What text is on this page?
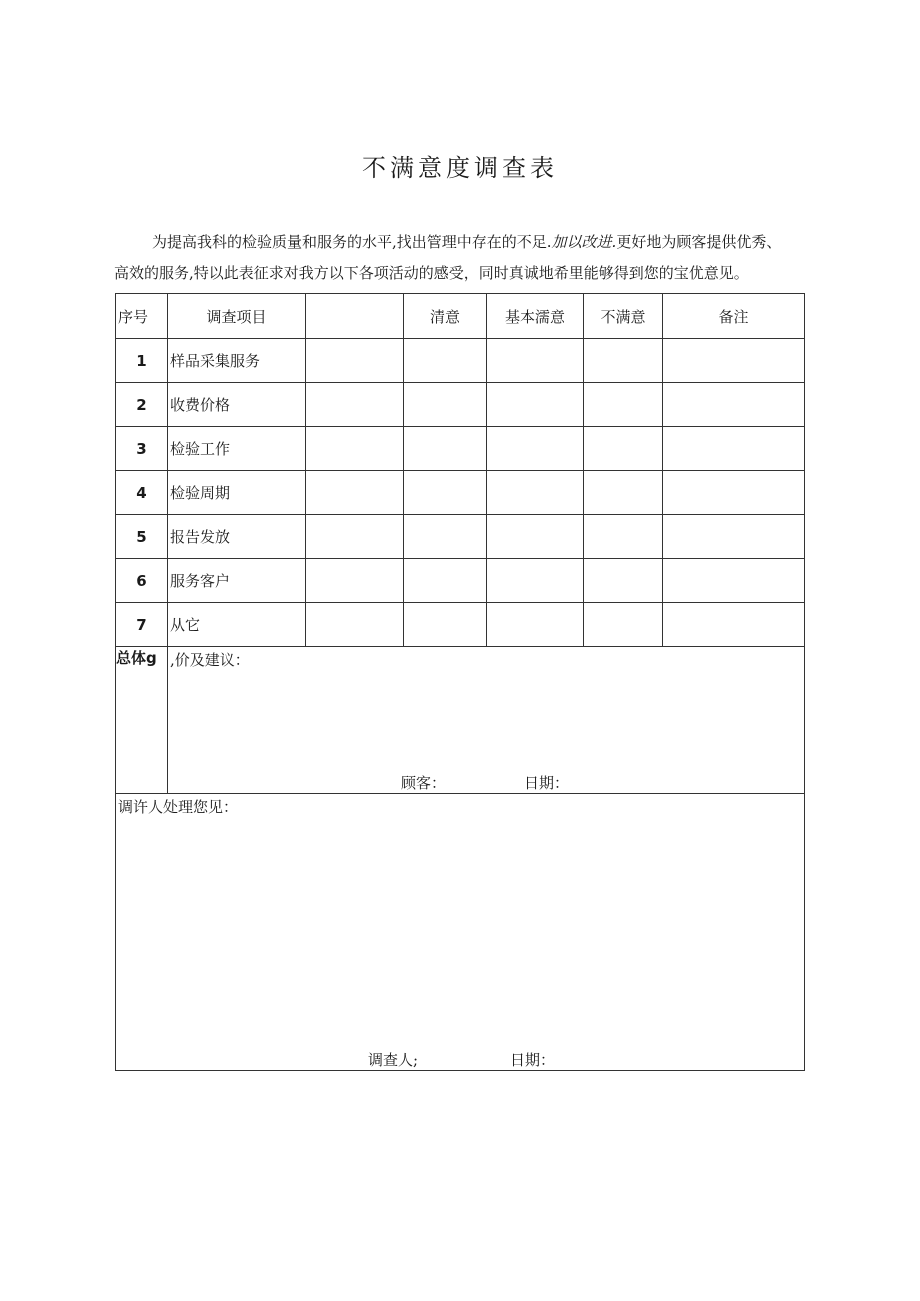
不满意度调查表
为提高我科的检验质量和服务的水平,找出管理中存在的不足.加以改进.更好地为顾客提供优秀、
高效的服务,特以此表征求对我方以下各项活动的感受，同时真诚地希里能够得到您的宝优意见。
序号	调查项目		清意	基本濡意	不满意	备注
1	样品采集服务					
2	收费价格					
3	检验工作					
4	检验周期					
5	报告发放					
6	服务客户					
7	从它					
总体g	,价及建议：
顾客： 日期：					

调许人处理您见：
调查人; 日期：						
